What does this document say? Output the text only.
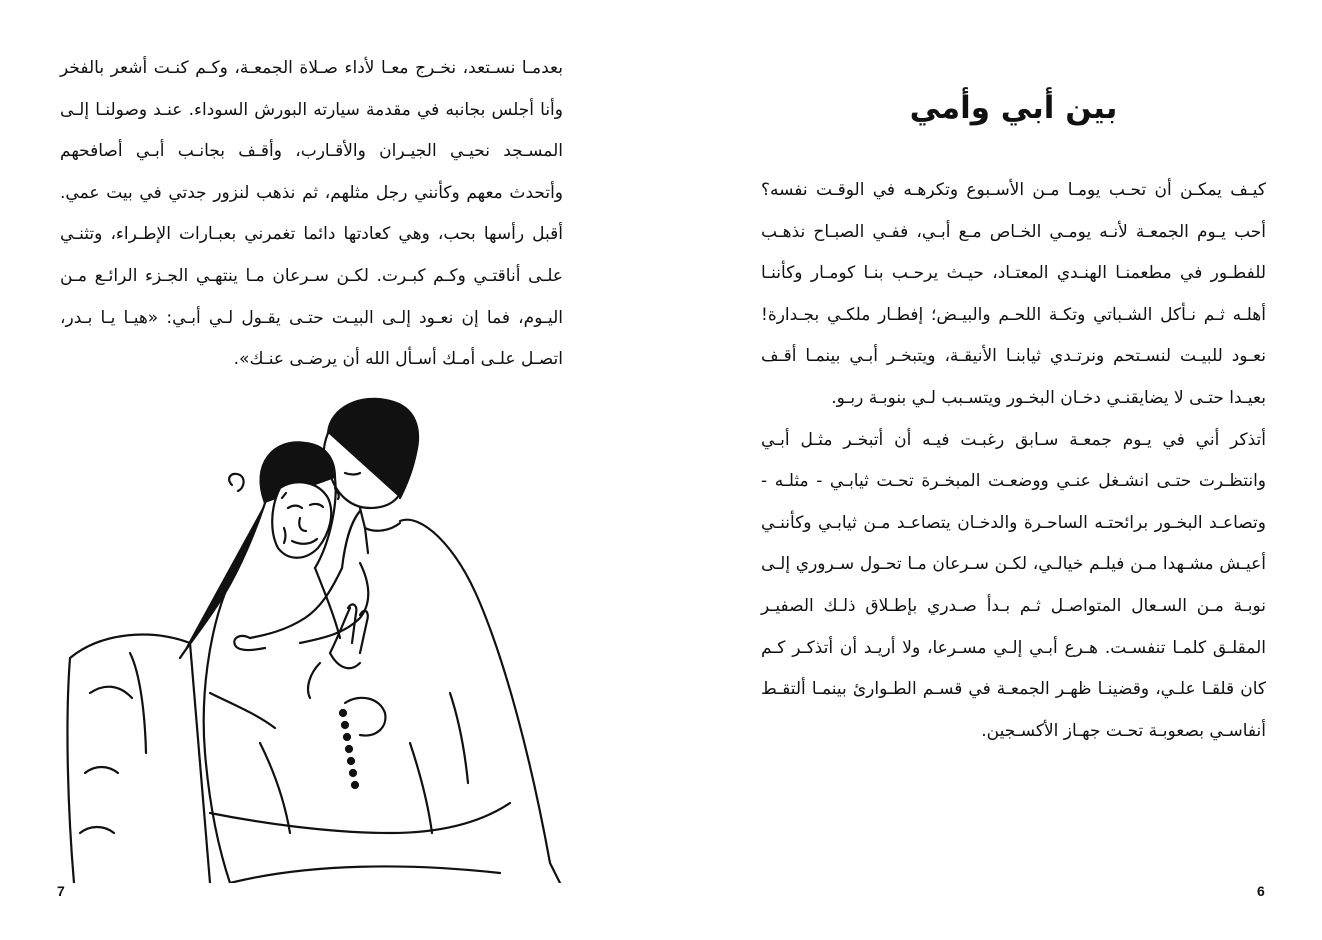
بعدمـا نسـتعد، نخـرج معـا لأداء صـلاة الجمعـة، وكـم كنـت أشعر بالفخر وأنا أجلس بجانبه في مقدمة سيارته البورش السوداء. عنـد وصولنـا إلـى المسـجد نحيـي الجيـران والأقـارب، وأقـف بجانـب أبـي أصافحهم وأتحدث معهم وكأنني رجل مثلهم، ثم نذهب لنزور جدتي في بيت عمي. أقبل رأسها بحب، وهي كعادتها دائما تغمرني بعبـارات الإطـراء، وتثنـي علـى أناقتـي وكـم كبـرت. لكـن سـرعان مـا ينتهـي الجـزء الرائـع مـن اليـوم، فما إن نعـود إلـى البيـت حتـى يقـول لـي أبـي: «هيـا يـا بـدر، اتصـل علـى أمـك أسـأل الله أن يرضـى عنـك».

7
بين أبي وأمي

كيـف يمكـن أن تحـب يومـا مـن الأسـبوع وتكرهـه في الوقـت نفسه؟ أحب يـوم الجمعـة لأنـه يومـي الخـاص مـع أبـي، ففـي الصبـاح نذهـب للفطـور في مطعمنـا الهنـدي المعتـاد، حيـث يرحـب بنـا كومـار وكأننـا أهلـه ثـم نـأكل الشـباتي وتكـة اللحـم والبيـض؛ إفطـار ملكـي بجـدارة! نعـود للبيـت لنسـتحم ونرتـدي ثيابنـا الأنيقـة، ويتبخـر أبـي بينمـا أقـف بعيـدا حتـى لا يضايقنـي دخـان البخـور ويتسـبب لـي بنوبـة ربـو.

أتذكر أني في يـوم جمعـة سـابق رغبـت فيـه أن أتبخـر مثـل أبـي وانتظـرت حتـى انشـغل عنـي ووضعـت المبخـرة تحـت ثيابـي - مثلـه - وتصاعـد البخـور برائحتـه الساحـرة والدخـان يتصاعـد مـن ثيابـي وكأننـي أعيـش مشـهدا مـن فيلـم خيالـي، لكـن سـرعان مـا تحـول سـروري إلـى نوبـة مـن السـعال المتواصـل ثـم بـدأ صـدري بإطـلاق ذلـك الصفيـر المقلـق كلمـا تنفسـت. هـرع أبـي إلـي مسـرعا، ولا أريـد أن أتذكـر كـم كان قلقـا علـي، وقضينـا ظهـر الجمعـة في قسـم الطـوارئ بينمـا ألتقـط أنفاسـي بصعوبـة تحـت جهـاز الأكسـجين.

6
